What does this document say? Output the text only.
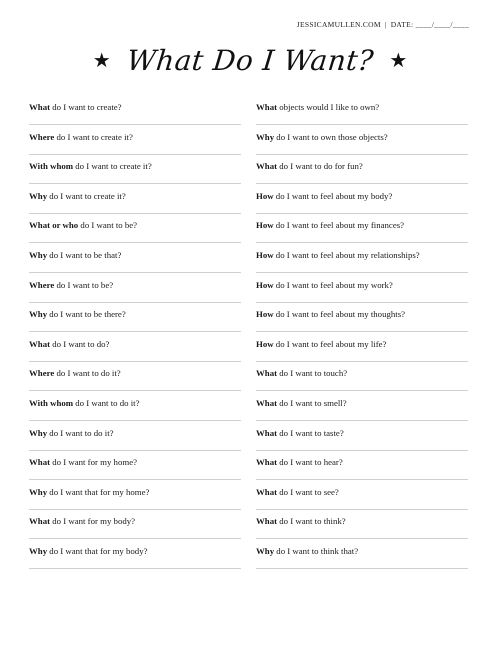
JESSICAMULLEN.COM | DATE: ____/____/____
★ What Do I Want? ★
What do I want to create?
Where do I want to create it?
With whom do I want to create it?
Why do I want to create it?
What or who do I want to be?
Why do I want to be that?
Where do I want to be?
Why do I want to be there?
What do I want to do?
Where do I want to do it?
With whom do I want to do it?
Why do I want to do it?
What do I want for my home?
Why do I want that for my home?
What do I want for my body?
Why do I want that for my body?
What objects would I like to own?
Why do I want to own those objects?
What do I want to do for fun?
How do I want to feel about my body?
How do I want to feel about my finances?
How do I want to feel about my relationships?
How do I want to feel about my work?
How do I want to feel about my thoughts?
How do I want to feel about my life?
What do I want to touch?
What do I want to smell?
What do I want to taste?
What do I want to hear?
What do I want to see?
What do I want to think?
Why do I want to think that?
